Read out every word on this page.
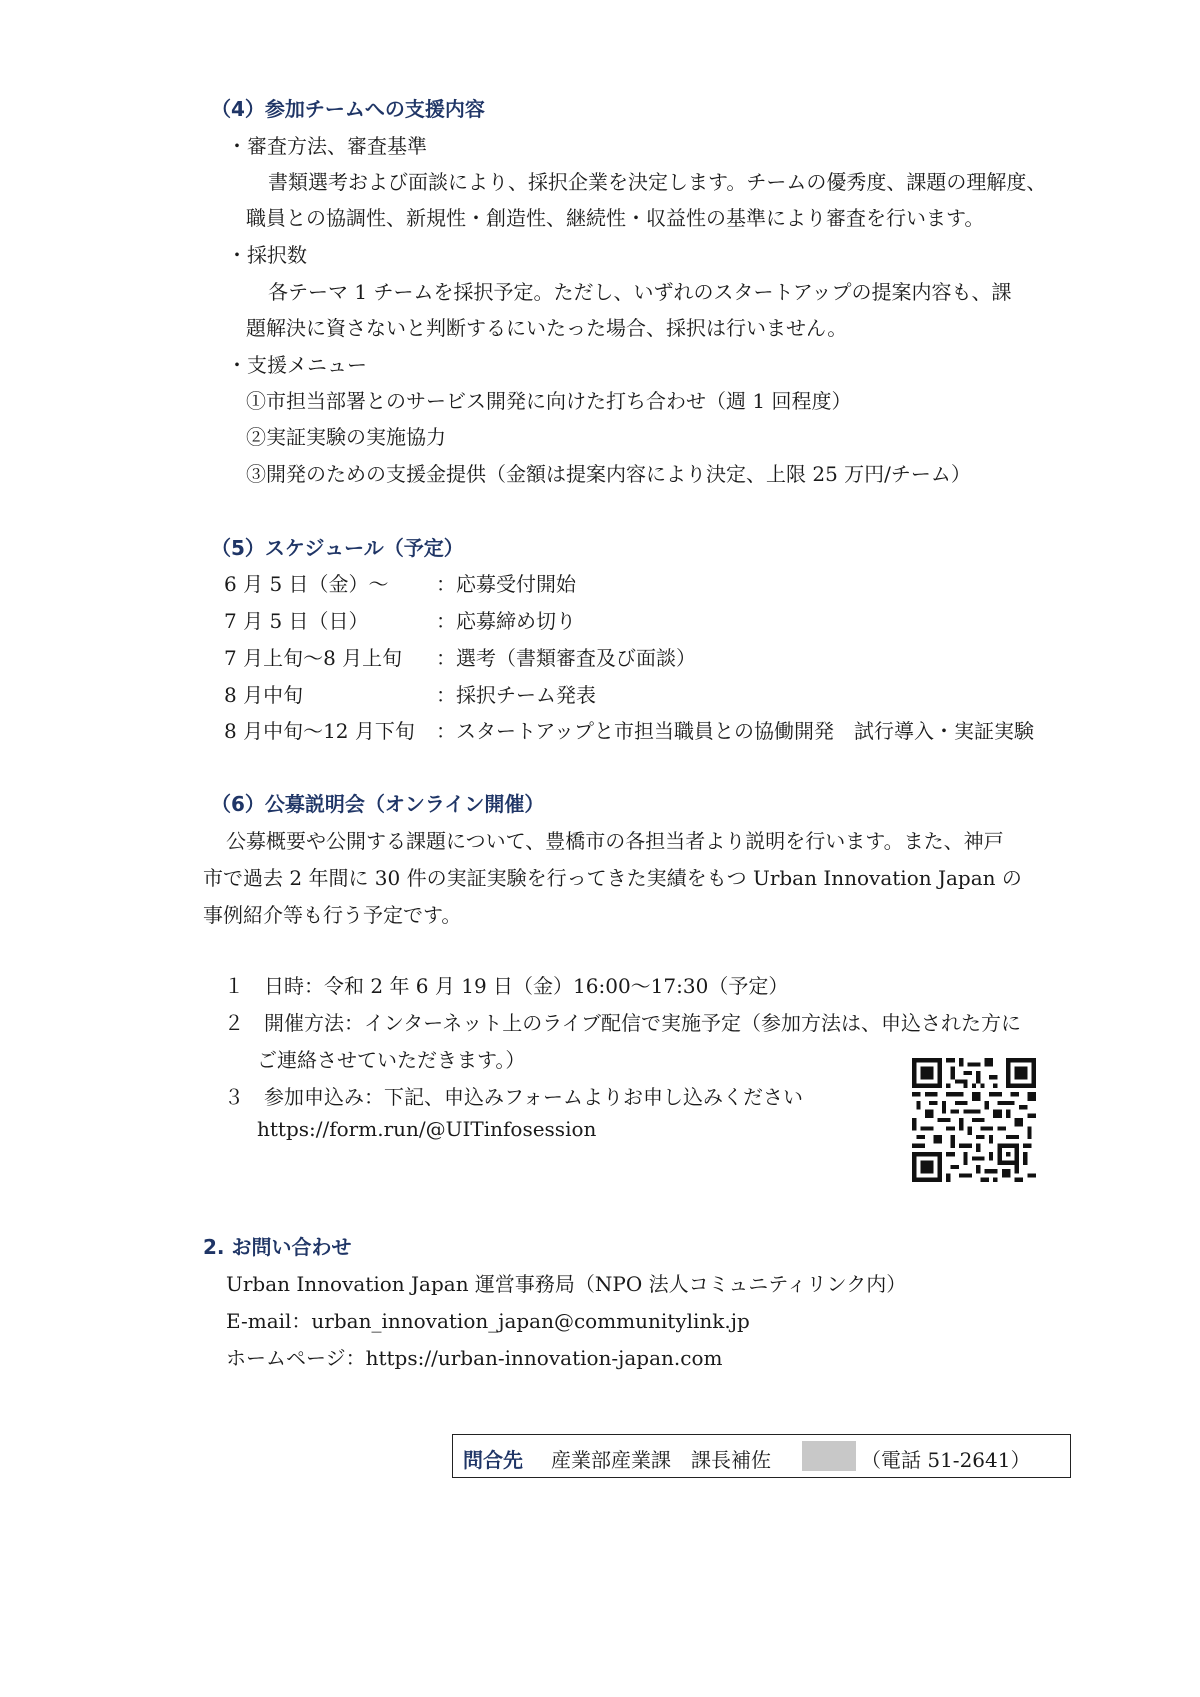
（4）参加チームへの支援内容
・審査方法、審査基準
書類選考および面談により、採択企業を決定します。チームの優秀度、課題の理解度、
職員との協調性、新規性・創造性、継続性・収益性の基準により審査を行います。
・採択数
各テーマ 1 チームを採択予定。ただし、いずれのスタートアップの提案内容も、課
題解決に資さないと判断するにいたった場合、採択は行いません。
・支援メニュー
①市担当部署とのサービス開発に向けた打ち合わせ（週 1 回程度）
②実証実験の実施協力
③開発のための支援金提供（金額は提案内容により決定、上限 25 万円/チーム）
（5）スケジュール（予定）
6 月 5 日（金）～ ：応募受付開始
7 月 5 日（日）	：応募締め切り
7 月上旬～8 月上旬 ：選考（書類審査及び面談）
8 月中旬	：採択チーム発表
8 月中旬～12 月下旬 ：スタートアップと市担当職員との協働開発　試行導入・実証実験
（6）公募説明会（オンライン開催）
公募概要や公開する課題について、豊橋市の各担当者より説明を行います。また、神戸
市で過去 2 年間に 30 件の実証実験を行ってきた実績をもつ Urban Innovation Japan の
事例紹介等も行う予定です。
１　日時：令和 2 年 6 月 19 日（金）16:00～17:30（予定）
２　開催方法：インターネット上のライブ配信で実施予定（参加方法は、申込された方に
ご連絡させていただきます。）
３　参加申込み：下記、申込みフォームよりお申し込みください
https://form.run/@UITinfosession
2. お問い合わせ
Urban Innovation Japan 運営事務局（NPO 法人コミュニティリンク内）
E-mail：urban_innovation_japan@communitylink.jp
ホームページ：https://urban-innovation-japan.com
問合先 産業部産業課　課長補佐	（電話 51-2641）
